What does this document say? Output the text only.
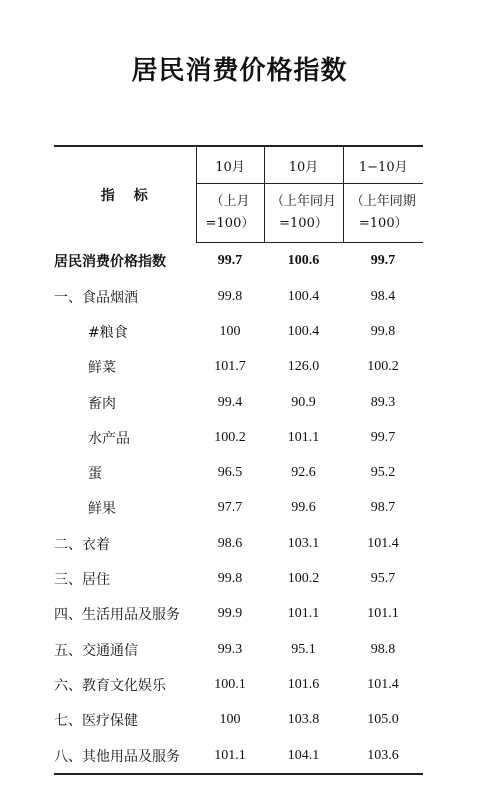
居民消费价格指数
指 标	10月	10月	1−10月

	（上月
=100）	（上年同月
=100）	（上年同期
=100）

居民消费价格指数	99.7	100.6	99.7
一、食品烟酒	99.8	100.4	98.4
#粮食	100	100.4	99.8
鲜菜	101.7	126.0	100.2
畜肉	99.4	90.9	89.3
水产品	100.2	101.1	99.7
蛋	96.5	92.6	95.2
鲜果	97.7	99.6	98.7
二、衣着	98.6	103.1	101.4
三、居住	99.8	100.2	95.7
四、生活用品及服务	99.9	101.1	101.1
五、交通通信	99.3	95.1	98.8
六、教育文化娱乐	100.1	101.6	101.4
七、医疗保健	100	103.8	105.0
八、其他用品及服务	101.1	104.1	103.6
